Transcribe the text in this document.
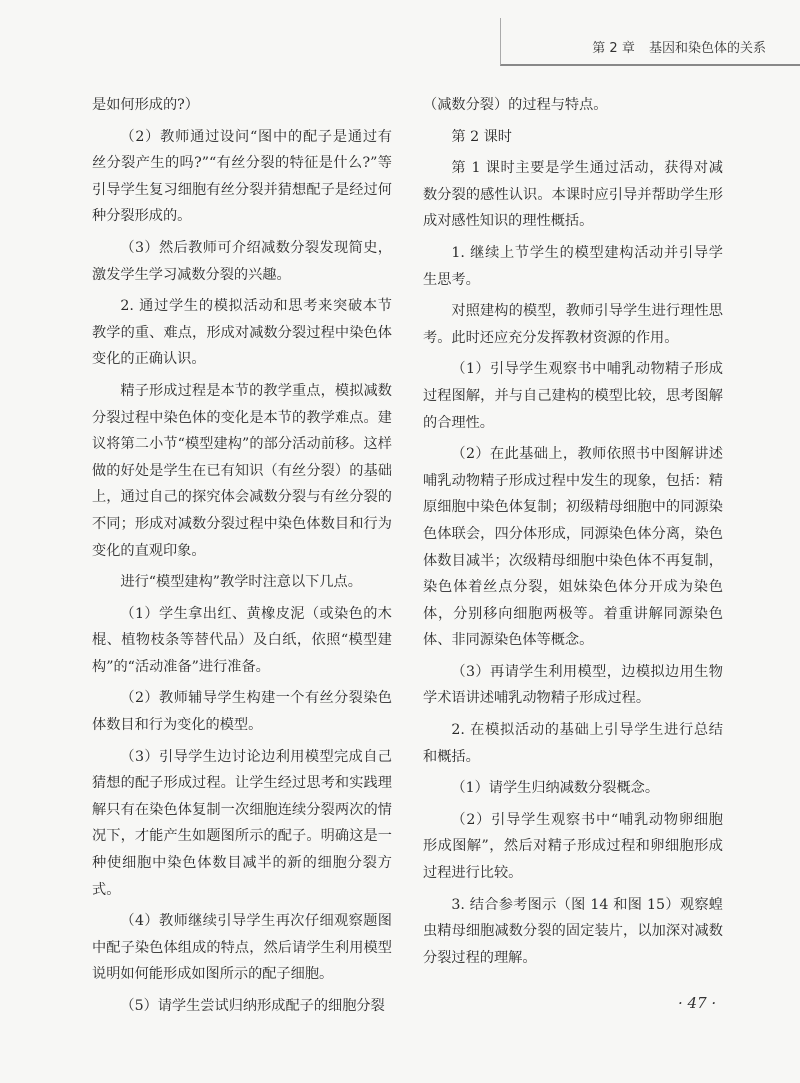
第 2 章 基因和染色体的关系

是如何形成的?）

（2）教师通过设问“图中的配子是通过有丝分裂产生的吗?”“有丝分裂的特征是什么?”等引导学生复习细胞有丝分裂并猜想配子是经过何种分裂形成的。

（3）然后教师可介绍减数分裂发现简史，激发学生学习减数分裂的兴趣。

2. 通过学生的模拟活动和思考来突破本节教学的重、难点，形成对减数分裂过程中染色体变化的正确认识。

精子形成过程是本节的教学重点，模拟减数分裂过程中染色体的变化是本节的教学难点。建议将第二小节“模型建构”的部分活动前移。这样做的好处是学生在已有知识（有丝分裂）的基础上，通过自己的探究体会减数分裂与有丝分裂的不同；形成对减数分裂过程中染色体数目和行为变化的直观印象。

进行“模型建构”教学时注意以下几点。

（1）学生拿出红、黄橡皮泥（或染色的木棍、植物枝条等替代品）及白纸，依照“模型建构”的“活动准备”进行准备。

（2）教师辅导学生构建一个有丝分裂染色体数目和行为变化的模型。

（3）引导学生边讨论边利用模型完成自己猜想的配子形成过程。让学生经过思考和实践理解只有在染色体复制一次细胞连续分裂两次的情况下，才能产生如题图所示的配子。明确这是一种使细胞中染色体数目减半的新的细胞分裂方式。

（4）教师继续引导学生再次仔细观察题图中配子染色体组成的特点，然后请学生利用模型说明如何能形成如图所示的配子细胞。

（5）请学生尝试归纳形成配子的细胞分裂

（减数分裂）的过程与特点。

第 2 课时

第 1 课时主要是学生通过活动，获得对减数分裂的感性认识。本课时应引导并帮助学生形成对感性知识的理性概括。

1. 继续上节学生的模型建构活动并引导学生思考。

对照建构的模型，教师引导学生进行理性思考。此时还应充分发挥教材资源的作用。

（1）引导学生观察书中哺乳动物精子形成过程图解，并与自己建构的模型比较，思考图解的合理性。

（2）在此基础上，教师依照书中图解讲述哺乳动物精子形成过程中发生的现象，包括：精原细胞中染色体复制；初级精母细胞中的同源染色体联会，四分体形成，同源染色体分离，染色体数目减半；次级精母细胞中染色体不再复制，染色体着丝点分裂，姐妹染色体分开成为染色体，分别移向细胞两极等。着重讲解同源染色体、非同源染色体等概念。

（3）再请学生利用模型，边模拟边用生物学术语讲述哺乳动物精子形成过程。

2. 在模拟活动的基础上引导学生进行总结和概括。

（1）请学生归纳减数分裂概念。

（2）引导学生观察书中“哺乳动物卵细胞形成图解”，然后对精子形成过程和卵细胞形成过程进行比较。

3. 结合参考图示（图 14 和图 15）观察蝗虫精母细胞减数分裂的固定装片，以加深对减数分裂过程的理解。

· 47 ·
